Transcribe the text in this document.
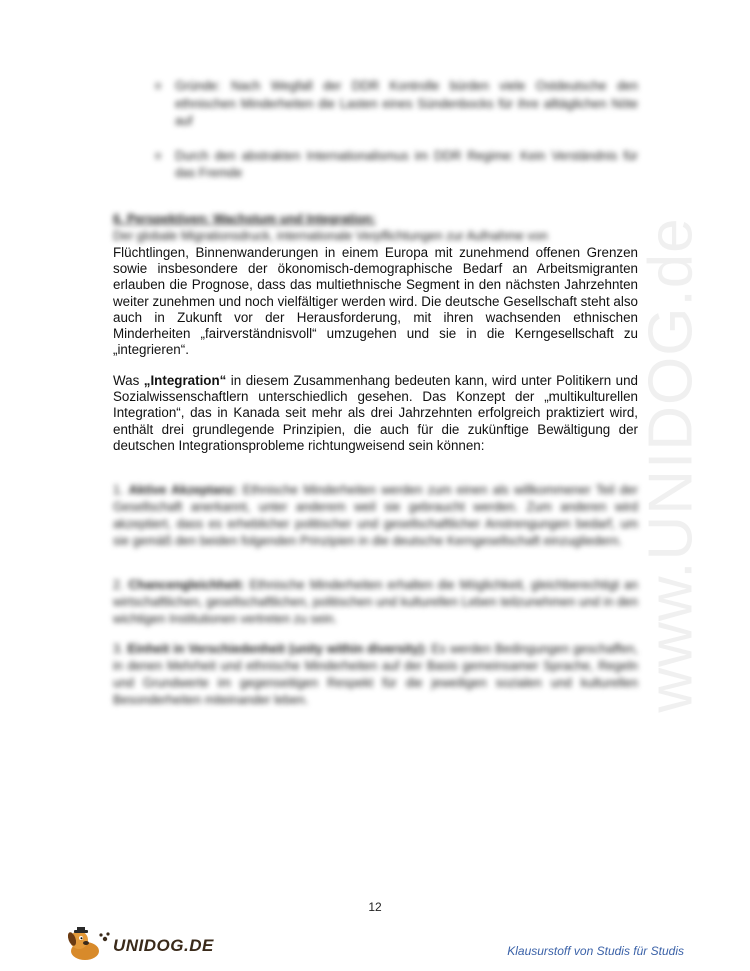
www.UNIDOG.de
o Gründe: Nach Wegfall der DDR Kontrolle bürden viele Ostdeutsche den ethnischen Minderheiten die Lasten eines Sündenbocks für ihre alltäglichen Nöte auf
o Durch den abstrakten Internationalismus im DDR Regime: Kein Verständnis für das Fremde
6. Perspektiven: Wachstum und Integration:
Der globale Migrationsdruck, internationale Verpflichtungen zur Aufnahme von
Flüchtlingen, Binnenwanderungen in einem Europa mit zunehmend offenen Grenzen sowie insbesondere der ökonomisch-demographische Bedarf an Arbeitsmigranten erlauben die Prognose, dass das multiethnische Segment in den nächsten Jahrzehnten weiter zunehmen und noch vielfältiger werden wird. Die deutsche Gesellschaft steht also auch in Zukunft vor der Herausforderung, mit ihren wachsenden ethnischen Minderheiten „fairverständnisvoll“ umzugehen und sie in die Kerngesellschaft zu „integrieren“.
Was „Integration“ in diesem Zusammenhang bedeuten kann, wird unter Politikern und Sozialwissenschaftlern unterschiedlich gesehen. Das Konzept der „multikulturellen Integration“, das in Kanada seit mehr als drei Jahrzehnten erfolgreich praktiziert wird, enthält drei grundlegende Prinzipien, die auch für die zukünftige Bewältigung der deutschen Integrationsprobleme richtungweisend sein können:
1. Aktive Akzeptanz: Ethnische Minderheiten werden zum einen als willkommener Teil der Gesellschaft anerkannt, unter anderem weil sie gebraucht werden. Zum anderen wird akzeptiert, dass es erheblicher politischer und gesellschaftlicher Anstrengungen bedarf, um sie gemäß den beiden folgenden Prinzipien in die deutsche Kerngesellschaft einzugliedern.
2. Chancengleichheit: Ethnische Minderheiten erhalten die Möglichkeit, gleichberechtigt an wirtschaftlichen, gesellschaftlichen, politischen und kulturellen Leben teilzunehmen und in den wichtigen Institutionen vertreten zu sein.
3. Einheit in Verschiedenheit (unity within diversity): Es werden Bedingungen geschaffen, in denen Mehrheit und ethnische Minderheiten auf der Basis gemeinsamer Sprache, Regeln und Grundwerte im gegenseitigen Respekt für die jeweiligen sozialen und kulturellen Besonderheiten miteinander leben.
12
UNIDOG.DE	Klausurstoff von Studis für Studis
